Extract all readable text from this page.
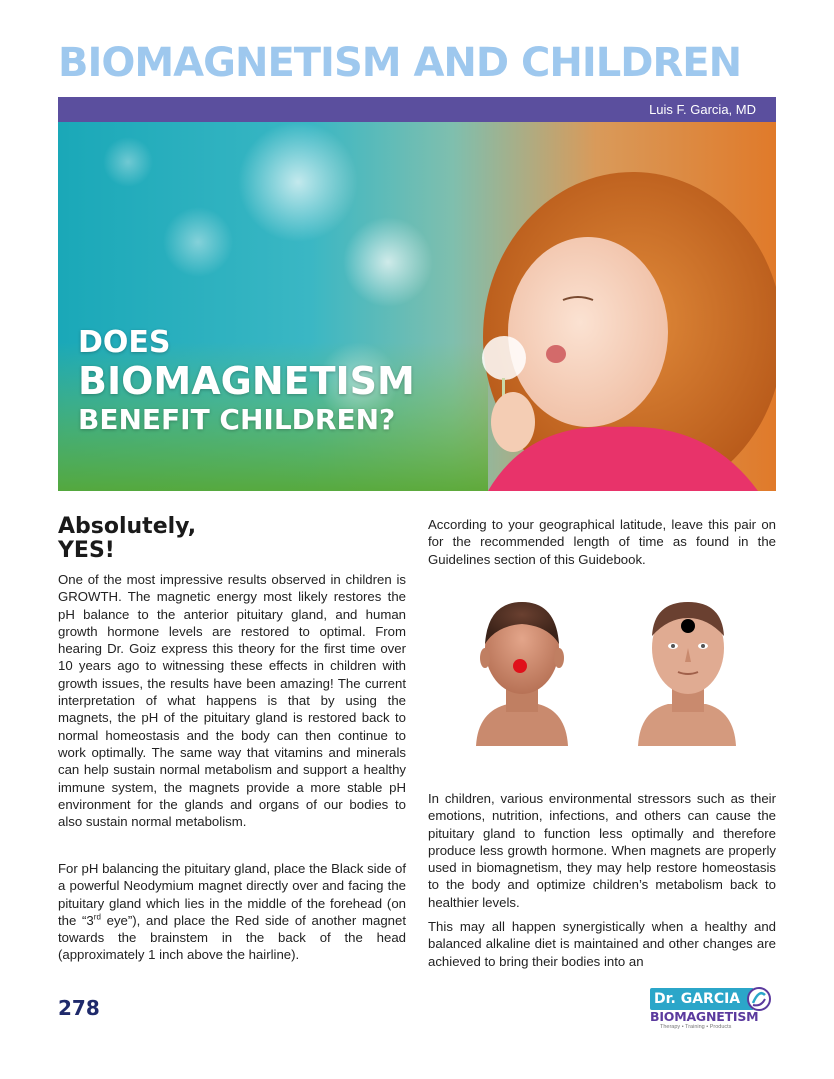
BIOMAGNETISM AND CHILDREN
Luis F. Garcia, MD
DOES
BIOMAGNETISM
BENEFIT CHILDREN?
Absolutely,
YES!

One of the most impressive results observed in children is GROWTH. The magnetic energy most likely restores the pH balance to the anterior pituitary gland, and human growth hormone levels are restored to optimal. From hearing Dr. Goiz express this theory for the first time over 10 years ago to witnessing these effects in children with growth issues, the results have been amazing! The current interpretation of what happens is that by using the magnets, the pH of the pituitary gland is restored back to normal homeostasis and the body can then continue to work optimally. The same way that vitamins and minerals can help sustain normal metabolism and support a healthy immune system, the magnets provide a more stable pH environment for the glands and organs of our bodies to also sustain normal metabolism.

For pH balancing the pituitary gland, place the Black side of a powerful Neodymium magnet directly over and facing the pituitary gland which lies in the middle of the forehead (on the “3rd eye”), and place the Red side of another magnet towards the brainstem in the back of the head (approximately 1 inch above the hairline).

According to your geographical latitude, leave this pair on for the recommended length of time as found in the Guidelines section of this Guidebook.

In children, various environmental stressors such as their emotions, nutrition, infections, and others can cause the pituitary gland to function less optimally and therefore produce less growth hormone. When magnets are properly used in biomagnetism, they may help restore homeostasis to the body and optimize children’s metabolism back to healthier levels.

This may all happen synergistically when a healthy and balanced alkaline diet is maintained and other changes are achieved to bring their bodies into an

278	Dr. GARCIA
BIOMAGNETISM
Therapy • Training • Products
